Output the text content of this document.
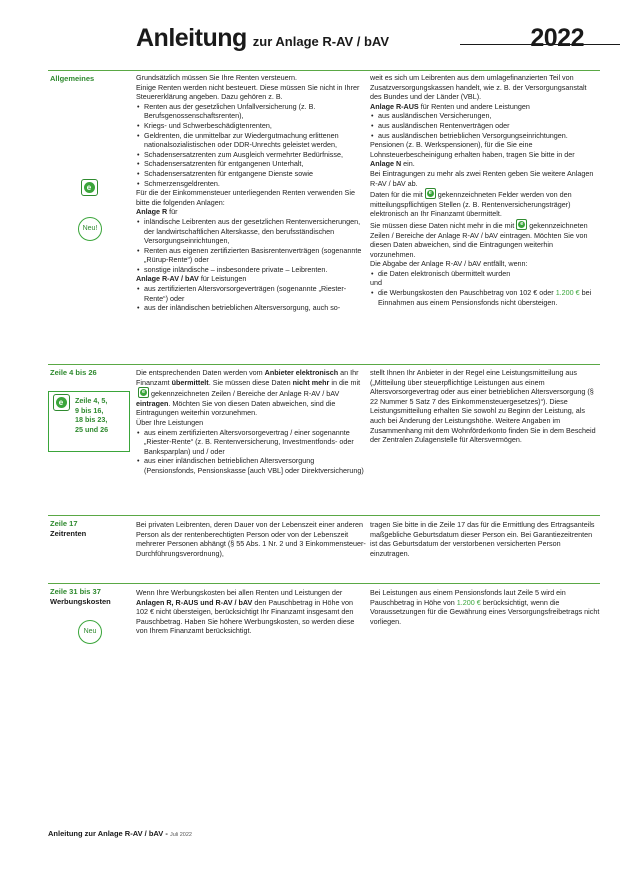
Anleitung zur Anlage R-AV / bAV	2022
Allgemeines
e
Neu!

Grundsätzlich müssen Sie Ihre Renten versteuern.

Einige Renten werden nicht besteuert. Diese müssen Sie nicht in Ihrer Steuererklärung angeben. Dazu gehören z. B.

• Renten aus der gesetzlichen Unfallversicherung (z. B. Berufsgenossenschaftsrenten),
• Kriegs- und Schwerbeschädigtenrenten,
• Geldrenten, die unmittelbar zur Wiedergutmachung erlittenen nationalsozialistischen oder DDR-Unrechts geleistet werden,
• Schadensersatzrenten zum Ausgleich vermehrter Bedürfnisse,
• Schadensersatzrenten für entgangenen Unterhalt,
• Schadensersatzrenten für entgangene Dienste sowie
• Schmerzensgeldrenten.

Für die der Einkommensteuer unterliegenden Renten verwenden Sie bitte die folgenden Anlagen:

Anlage R für

• inländische Leibrenten aus der gesetzlichen Rentenversicherungen, der landwirtschaftlichen Alterskasse, den berufsständischen Versorgungseinrichtungen,
• Renten aus eigenen zertifizierten Basisrentenverträgen (sogenannte „Rürup-Rente“) oder
• sonstige inländische – insbesondere private – Leibrenten.

Anlage R-AV / bAV für Leistungen

• aus zertifizierten Altersvorsorgeverträgen (sogenannte „Riester-Rente“) oder
• aus der inländischen betrieblichen Altersversorgung, auch so-

weit es sich um Leibrenten aus dem umlagefinanzierten Teil von Zusatzversorgungskassen handelt, wie z. B. der Versorgungsanstalt des Bundes und der Länder (VBL).

Anlage R-AUS für Renten und andere Leistungen

• aus ausländischen Versicherungen,
• aus ausländischen Rentenverträgen oder
• aus ausländischen betrieblichen Versorgungseinrichtungen.

Pensionen (z. B. Werkspensionen), für die Sie eine Lohnsteuerbescheinigung erhalten haben, tragen Sie bitte in der Anlage N ein.

Bei Eintragungen zu mehr als zwei Renten geben Sie weitere Anlagen R-AV / bAV ab.

Daten für die mit	e gekennzeichneten Felder werden von den mitteilungspflichtigen Stellen (z. B. Rentenversicherungsträger) elektronisch an Ihr Finanzamt übermittelt.

Sie müssen diese Daten nicht mehr in die mit	e gekennzeichneten Zeilen / Bereiche der Anlage R-AV / bAV eintragen. Möchten Sie von diesen Daten abweichen, sind die Eintragungen weiterhin vorzunehmen.

Die Abgabe der Anlage R-AV / bAV entfällt, wenn:

• die Daten elektronisch übermittelt wurden

und

• die Werbungskosten den Pauschbetrag von 102 € oder 1.200 € bei Einnahmen aus einem Pensionsfonds nicht übersteigen.
Zeile 4 bis 26
e	Zeile 4, 5,
9 bis 16,
18 bis 23,
25 und 26

Die entsprechenden Daten werden vom Anbieter elektronisch an Ihr Finanzamt übermittelt. Sie müssen diese Daten nicht mehr in die mit
e gekennzeichneten Zeilen / Bereiche der Anlage R-AV / bAV eintragen. Möchten Sie von diesen Daten abweichen, sind die Eintragungen weiterhin vorzunehmen.

Über Ihre Leistungen

• aus einem zertifizierten Altersvorsorgevertrag / einer sogenannte „Riester-Rente“ (z. B. Rentenversicherung, Investmentfonds- oder Banksparplan) und / oder
• aus einer inländischen betrieblichen Altersversorgung (Pensionsfonds, Pensionskasse [auch VBL] oder Direktversicherung)

stellt Ihnen Ihr Anbieter in der Regel eine Leistungsmitteilung aus („Mitteilung über steuerpflichtige Leistungen aus einem Altersvorsorgevertrag oder aus einer betrieblichen Altersversorgung (§ 22 Nummer 5 Satz 7 des Einkommensteuergesetzes)“). Diese Leistungsmitteilung erhalten Sie sowohl zu Beginn der Leistung, als auch bei Änderung der Leistungshöhe. Weitere Angaben im Zusammenhang mit dem Wohnförderkonto finden Sie in dem Bescheid der Zentralen Zulagenstelle für Altersvermögen.

Zeile 17
Zeitrenten

Bei privaten Leibrenten, deren Dauer von der Lebenszeit einer anderen Person als der rentenberechtigten Person oder von der Lebenszeit mehrerer Personen abhängt (§ 55 Abs. 1 Nr. 2 und 3 Einkommensteuer-Durchführungsverordnung),

tragen Sie bitte in die Zeile 17 das für die Ermittlung des Ertragsanteils maßgebliche Geburtsdatum dieser Person ein. Bei Garantiezeitrenten ist das Geburtsdatum der verstorbenen versicherten Person einzutragen.

Zeile 31 bis 37
Werbungskosten
Neu

Wenn Ihre Werbungskosten bei allen Renten und Leistungen der Anlagen R, R-AUS und R-AV / bAV den Pauschbetrag in Höhe von 102 € nicht übersteigen, berücksichtigt Ihr Finanzamt insgesamt den Pauschbetrag. Haben Sie höhere Werbungskosten, so werden diese von Ihrem Finanzamt berücksichtigt.

Bei Leistungen aus einem Pensionsfonds laut Zeile 5 wird ein Pauschbetrag in Höhe von 1.200 € berücksichtigt, wenn die Voraussetzungen für die Gewährung eines Versorgungsfreibetrags nicht vorliegen.

Anleitung zur Anlage R-AV / bAV - Juli 2022
